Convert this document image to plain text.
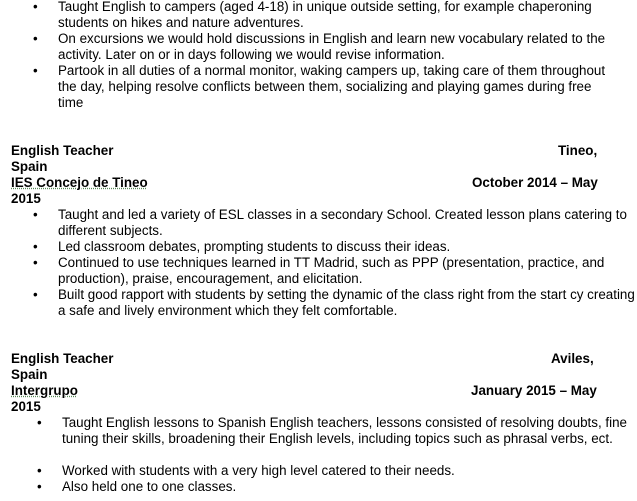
• Taught English to campers (aged 4-18) in unique outside setting, for example chaperoning students on hikes and nature adventures.
• On excursions we would hold discussions in English and learn new vocabulary related to the activity. Later on or in days following we would revise information.
• Partook in all duties of a normal monitor, waking campers up, taking care of them throughout the day, helping resolve conflicts between them, socializing and playing games during free time
English Teacher	Tineo,
Spain
IES Concejo de Tineo	October 2014 – May
2015
• Taught and led a variety of ESL classes in a secondary School. Created lesson plans catering to different subjects.
• Led classroom debates, prompting students to discuss their ideas.
• Continued to use techniques learned in TT Madrid, such as PPP (presentation, practice, and production), praise, encouragement, and elicitation.
• Built good rapport with students by setting the dynamic of the class right from the start cy creating a safe and lively environment which they felt comfortable.
English Teacher	Aviles,
Spain
Intergrupo	January 2015 – May
2015
• Taught English lessons to Spanish English teachers, lessons consisted of resolving doubts, fine tuning their skills, broadening their English levels, including topics such as phrasal verbs, ect.
• Worked with students with a very high level catered to their needs.
• Also held one to one classes.
